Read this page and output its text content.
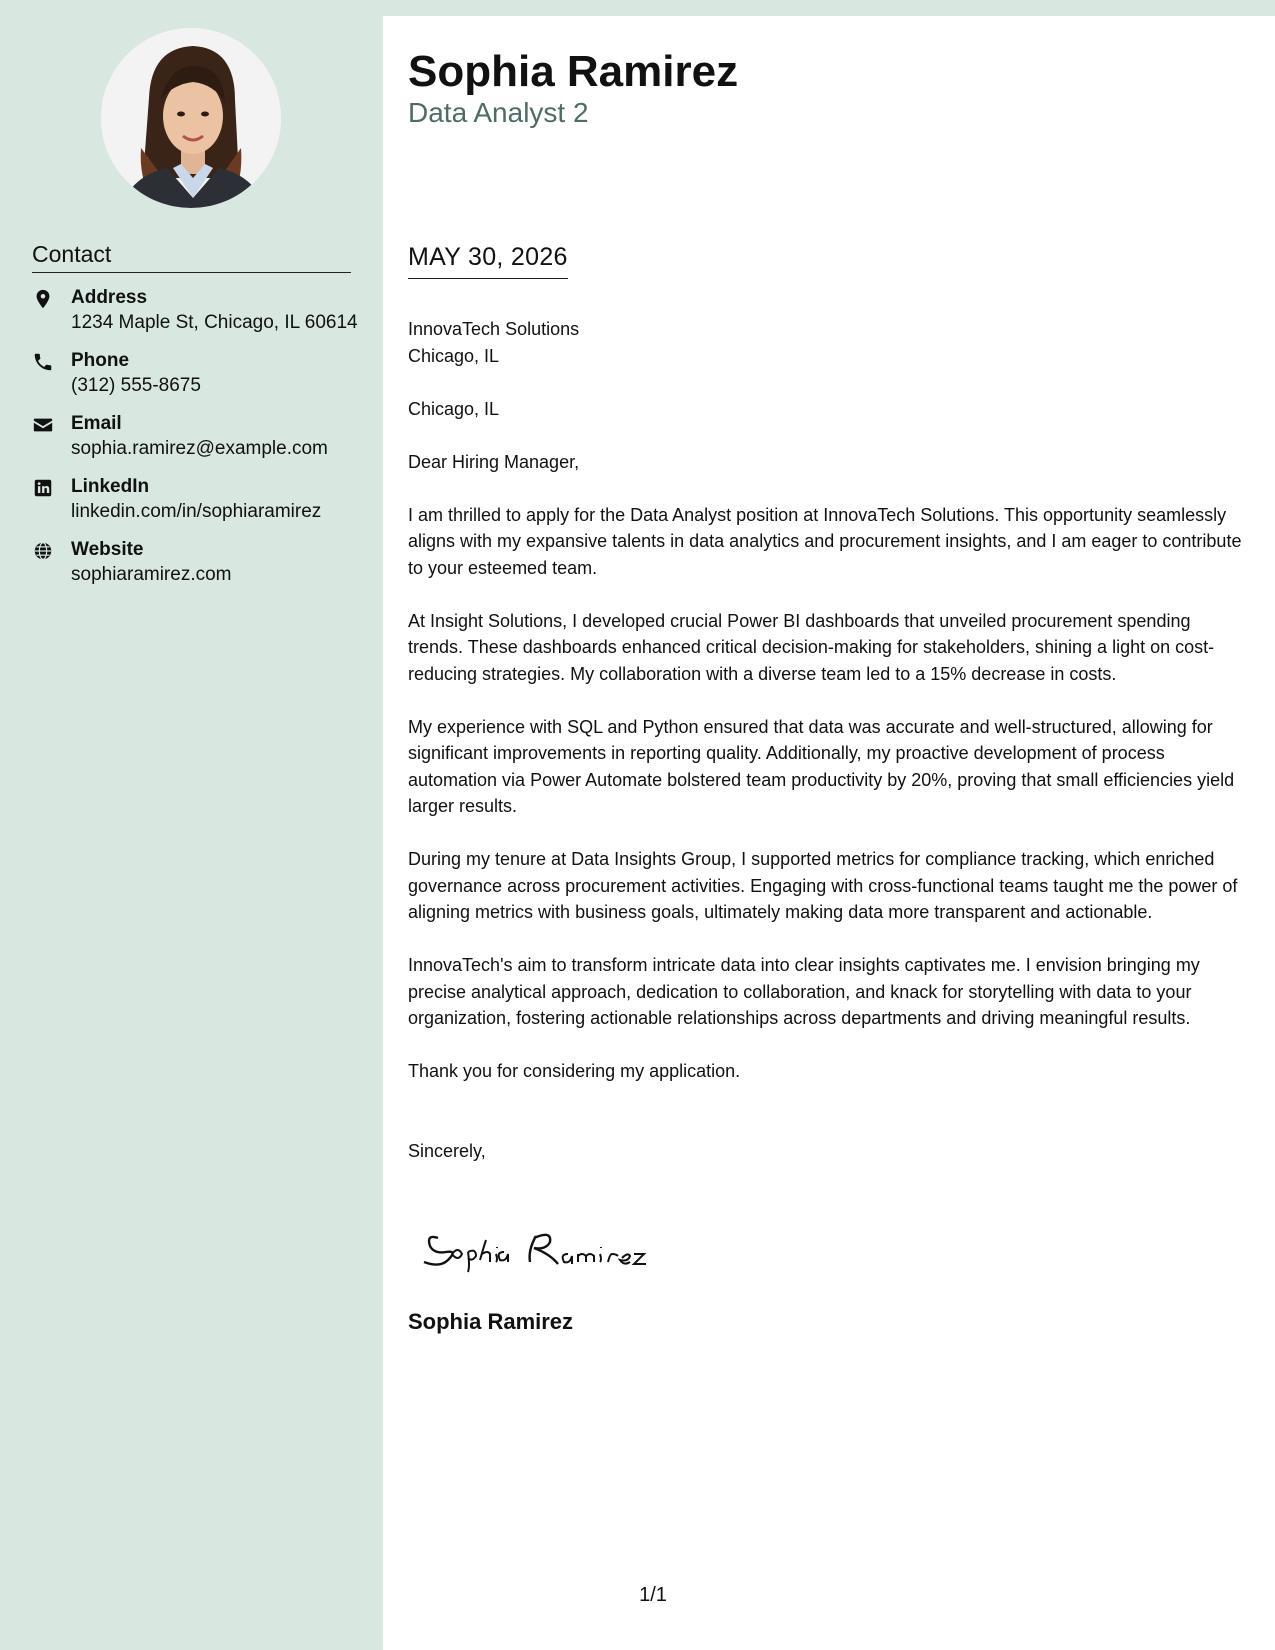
Contact
Address
1234 Maple St, Chicago, IL 60614
Phone
(312) 555-8675
Email
sophia.ramirez@example.com
LinkedIn
linkedin.com/in/sophiaramirez
Website
sophiaramirez.com
Sophia Ramirez
Data Analyst 2
MAY 30, 2026

InnovaTech Solutions

Chicago, IL

Chicago, IL

Dear Hiring Manager,

I am thrilled to apply for the Data Analyst position at InnovaTech Solutions. This opportunity seamlessly aligns with my expansive talents in data analytics and procurement insights, and I am eager to contribute to your esteemed team.

At Insight Solutions, I developed crucial Power BI dashboards that unveiled procurement spending trends. These dashboards enhanced critical decision-making for stakeholders, shining a light on cost-reducing strategies. My collaboration with a diverse team led to a 15% decrease in costs.

My experience with SQL and Python ensured that data was accurate and well-structured, allowing for significant improvements in reporting quality. Additionally, my proactive development of process automation via Power Automate bolstered team productivity by 20%, proving that small efficiencies yield larger results.

During my tenure at Data Insights Group, I supported metrics for compliance tracking, which enriched governance across procurement activities. Engaging with cross-functional teams taught me the power of aligning metrics with business goals, ultimately making data more transparent and actionable.

InnovaTech's aim to transform intricate data into clear insights captivates me. I envision bringing my precise analytical approach, dedication to collaboration, and knack for storytelling with data to your organization, fostering actionable relationships across departments and driving meaningful results.

Thank you for considering my application.

Sincerely,

Sophia Ramirez
1/1
